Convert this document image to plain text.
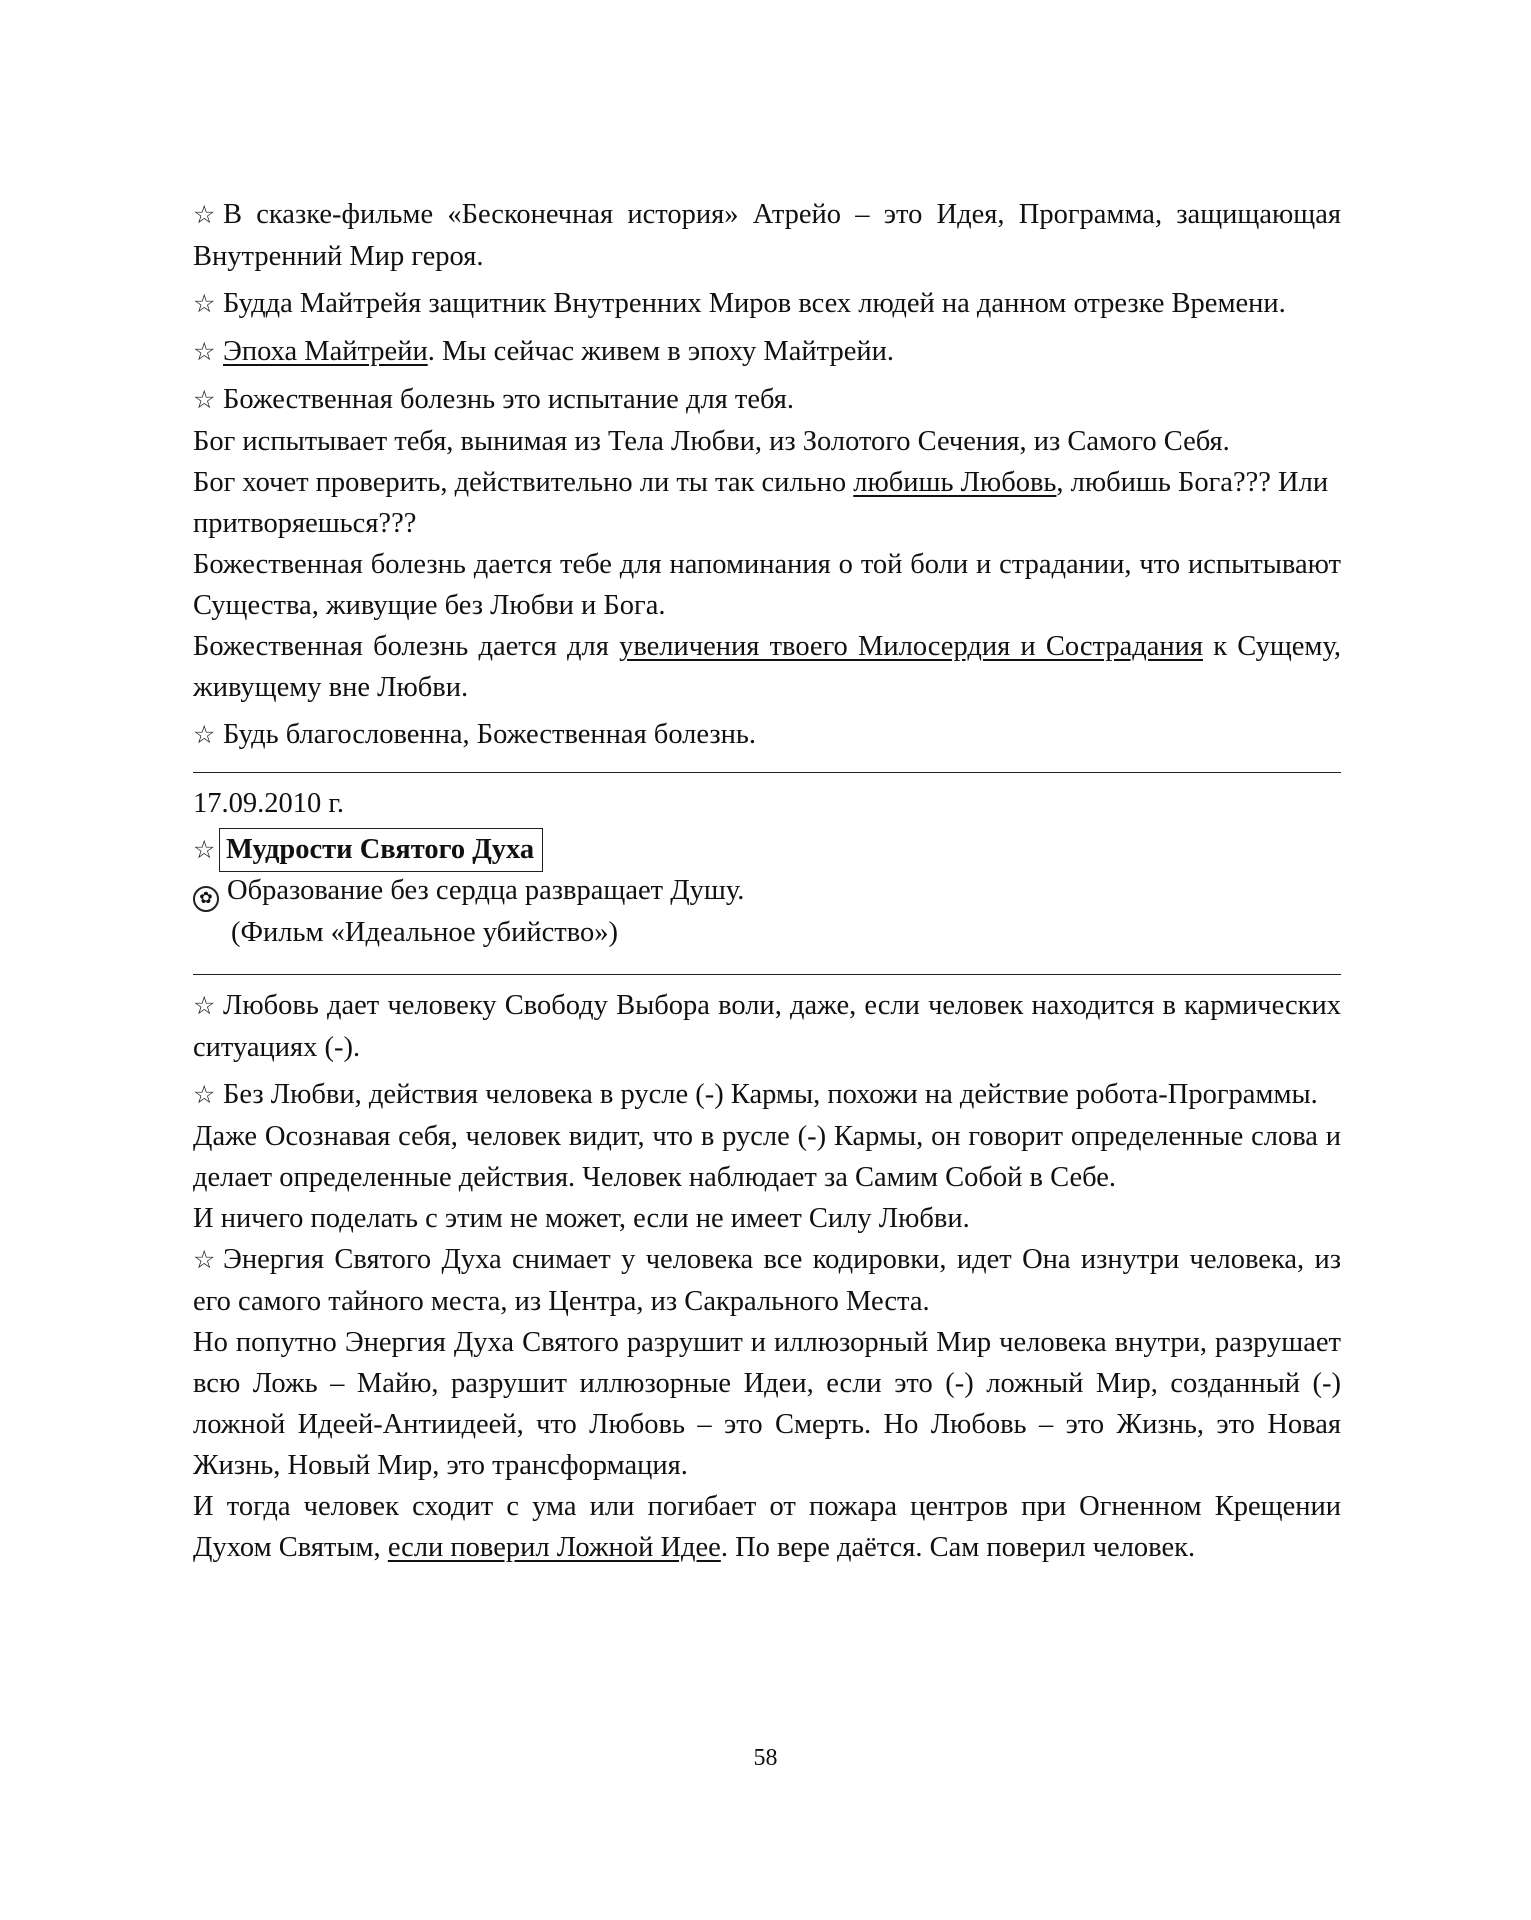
☆ В сказке-фильме «Бесконечная история» Атрейо – это Идея, Программа, защищающая Внутренний Мир героя.

☆ Будда Майтрейя защитник Внутренних Миров всех людей на данном отрезке Времени.

☆ Эпоха Майтрейи. Мы сейчас живем в эпоху Майтрейи.

☆ Божественная болезнь это испытание для тебя.

Бог испытывает тебя, вынимая из Тела Любви, из Золотого Сечения, из Самого Себя.

Бог хочет проверить, действительно ли ты так сильно любишь Любовь, любишь Бога??? Или притворяешься???

Божественная болезнь дается тебе для напоминания о той боли и страдании, что испытывают Существа, живущие без Любви и Бога.

Божественная болезнь дается для увеличения твоего Милосердия и Сострадания к Сущему, живущему вне Любви.

☆ Будь благословенна, Божественная болезнь.

17.09.2010 г.
☆ Мудрости Святого Духа
✿ Образование без сердца развращает Душу.
(Фильм «Идеальное убийство»)

☆ Любовь дает человеку Свободу Выбора воли, даже, если человек находится в кармических ситуациях (-).

☆ Без Любви, действия человека в русле (-) Кармы, похожи на действие робота-Программы.

Даже Осознавая себя, человек видит, что в русле (-) Кармы, он говорит определенные слова и делает определенные действия. Человек наблюдает за Самим Собой в Себе.

И ничего поделать с этим не может, если не имеет Силу Любви.

☆ Энергия Святого Духа снимает у человека все кодировки, идет Она изнутри человека, из его самого тайного места, из Центра, из Сакрального Места.

Но попутно Энергия Духа Святого разрушит и иллюзорный Мир человека внутри, разрушает всю Ложь – Майю, разрушит иллюзорные Идеи, если это (-) ложный Мир, созданный (-) ложной Идеей-Антиидеей, что Любовь – это Смерть. Но Любовь – это Жизнь, это Новая Жизнь, Новый Мир, это трансформация.

И тогда человек сходит с ума или погибает от пожара центров при Огненном Крещении Духом Святым, если поверил Ложной Идее. По вере даётся. Сам поверил человек.

58
